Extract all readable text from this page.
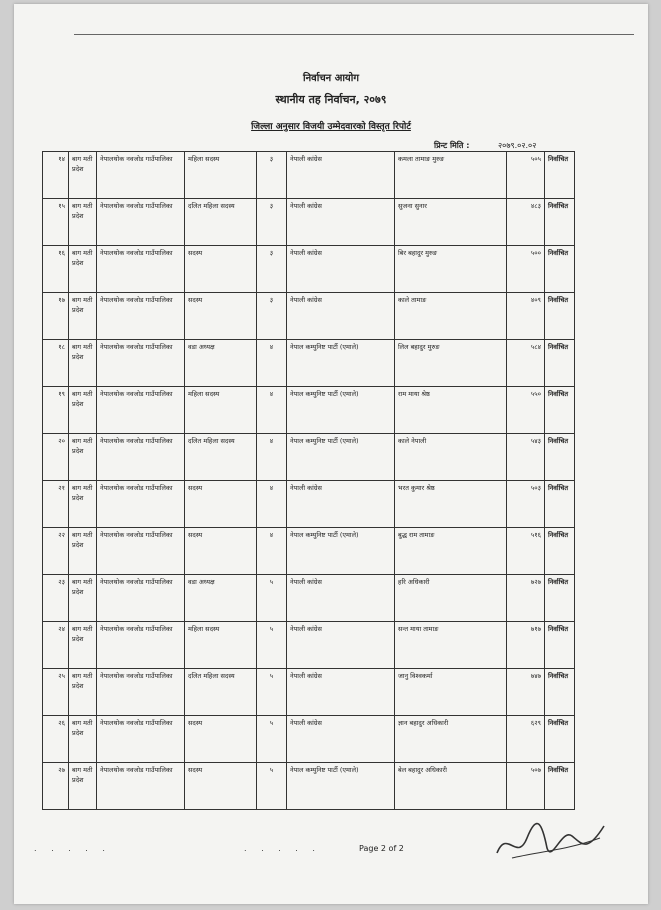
निर्वाचन आयोग
स्थानीय तह निर्वाचन, २०७९
जिल्ला अनुसार विजयी उम्मेदवारको विस्तृत रिपोर्ट
प्रिन्ट मिति :	२०७९.०२.०२
१४	बाग मती प्रदेश	नेपालथोक नवजोड गाउँपालिका	महिला सदस्य	३	नेपाली कांग्रेस	कमला तामाङ मुरुङ	५०५	निर्वाचित
१५	बाग मती प्रदेश	नेपालथोक नवजोड गाउँपालिका	दलित महिला सदस्य	३	नेपाली कांग्रेस	सुजना सुनार	४८३	निर्वाचित
१६	बाग मती प्रदेश	नेपालथोक नवजोड गाउँपालिका	सदस्य	३	नेपाली कांग्रेस	बिर बहादुर मुरुङ	५००	निर्वाचित
१७	बाग मती प्रदेश	नेपालथोक नवजोड गाउँपालिका	सदस्य	३	नेपाली कांग्रेस	काले तामाङ	४०९	निर्वाचित
१८	बाग मती प्रदेश	नेपालथोक नवजोड गाउँपालिका	वडा अध्यक्ष	४	नेपाल कम्युनिष्ट पार्टी (एमाले)	लिल बहादुर मुरुङ	५८४	निर्वाचित
१९	बाग मती प्रदेश	नेपालथोक नवजोड गाउँपालिका	महिला सदस्य	४	नेपाल कम्युनिष्ट पार्टी (एमाले)	राम माया श्रेष्ठ	५५०	निर्वाचित
२०	बाग मती प्रदेश	नेपालथोक नवजोड गाउँपालिका	दलित महिला सदस्य	४	नेपाल कम्युनिष्ट पार्टी (एमाले)	काले नेपाली	५४३	निर्वाचित
२१	बाग मती प्रदेश	नेपालथोक नवजोड गाउँपालिका	सदस्य	४	नेपाली कांग्रेस	भरत कुमार श्रेष्ठ	५०३	निर्वाचित
२२	बाग मती प्रदेश	नेपालथोक नवजोड गाउँपालिका	सदस्य	४	नेपाल कम्युनिष्ट पार्टी (एमाले)	बुद्ध राम तामाङ	५१६	निर्वाचित
२३	बाग मती प्रदेश	नेपालथोक नवजोड गाउँपालिका	वडा अध्यक्ष	५	नेपाली कांग्रेस	हरि अधिकारी	७२७	निर्वाचित
२४	बाग मती प्रदेश	नेपालथोक नवजोड गाउँपालिका	महिला सदस्य	५	नेपाली कांग्रेस	सन्त माया तामाङ	७१७	निर्वाचित
२५	बाग मती प्रदेश	नेपालथोक नवजोड गाउँपालिका	दलित महिला सदस्य	५	नेपाली कांग्रेस	जानु विश्वकर्मा	७४७	निर्वाचित
२६	बाग मती प्रदेश	नेपालथोक नवजोड गाउँपालिका	सदस्य	५	नेपाली कांग्रेस	ज्ञान बहादुर अधिकारी	६२९	निर्वाचित
२७	बाग मती प्रदेश	नेपालथोक नवजोड गाउँपालिका	सदस्य	५	नेपाल कम्युनिष्ट पार्टी (एमाले)	बेल बहादुर अधिकारी	५०७	निर्वाचित
. . . . .	. . . . .	Page 2 of 2
